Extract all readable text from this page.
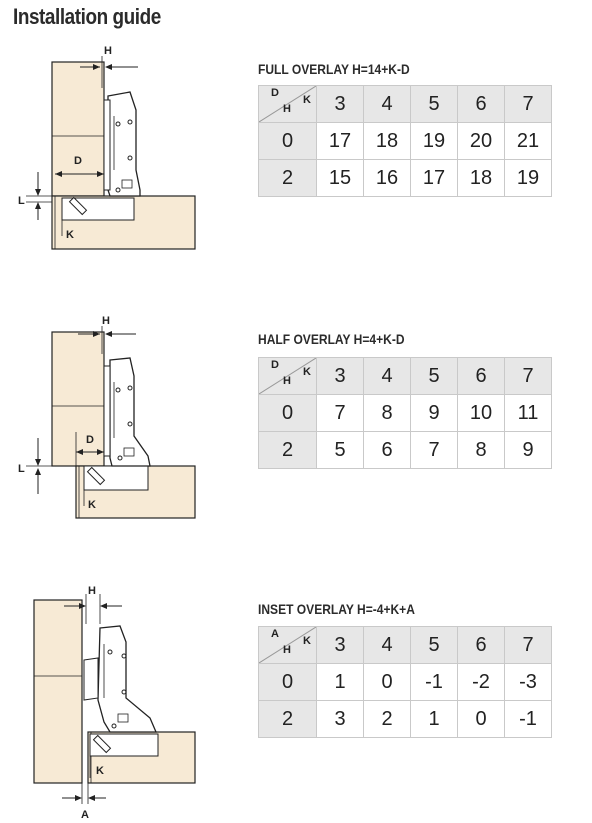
Installation guide
H
D
L
K
FULL OVERLAY H=14+K-D
D
H
K	3	4	5	6	7
0	17	18	19	20	21
2	15	16	17	18	19
H
D
L
K
HALF OVERLAY H=4+K-D
D
H
K	3	4	5	6	7
0	7	8	9	10	11
2	5	6	7	8	9
H
K
A
INSET OVERLAY H=-4+K+A
A
H
K	3	4	5	6	7
0	1	0	-1	-2	-3
2	3	2	1	0	-1
